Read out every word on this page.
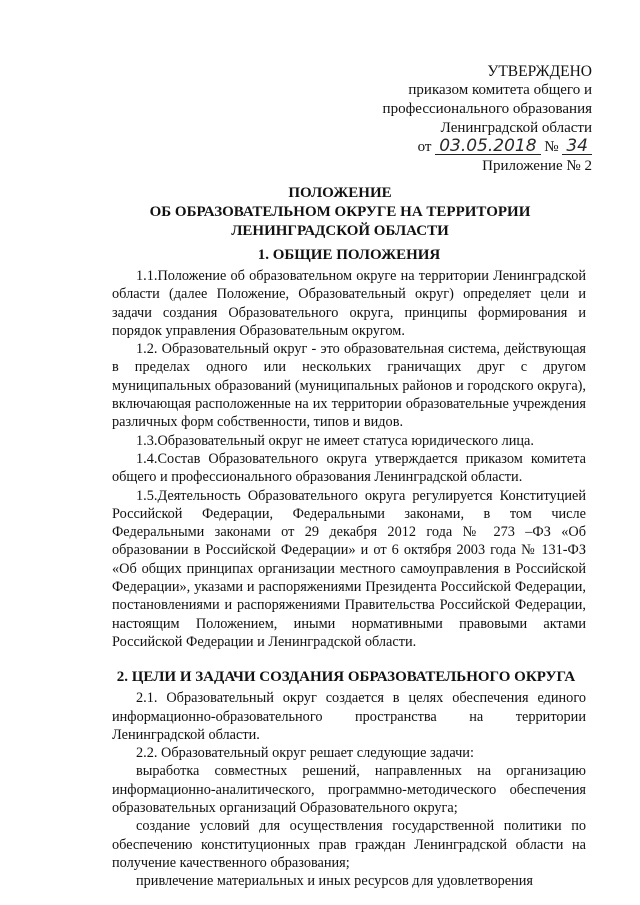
УТВЕРЖДЕНО
приказом комитета общего и
профессионального образования
Ленинградской области
от 03.05.2018 № 34
Приложение № 2
ПОЛОЖЕНИЕ
ОБ ОБРАЗОВАТЕЛЬНОМ ОКРУГЕ НА ТЕРРИТОРИИ
ЛЕНИНГРАДСКОЙ ОБЛАСТИ
1. ОБЩИЕ ПОЛОЖЕНИЯ

1.1.Положение об образовательном округе на территории Ленинградской области (далее Положение, Образовательный округ) определяет цели и задачи создания Образовательного округа, принципы формирования и порядок управления Образовательным округом.

1.2. Образовательный округ - это образовательная система, действующая в пределах одного или нескольких граничащих друг с другом муниципальных образований (муниципальных районов и городского округа), включающая расположенные на их территории образовательные учреждения различных форм собственности, типов и видов.

1.3.Образовательный округ не имеет статуса юридического лица.

1.4.Состав Образовательного округа утверждается приказом комитета общего и профессионального образования Ленинградской области.

1.5.Деятельность Образовательного округа регулируется Конституцией Российской Федерации, Федеральными законами, в том числе Федеральными законами от 29 декабря 2012 года № 273 –ФЗ «Об образовании в Российской Федерации» и от 6 октября 2003 года № 131-ФЗ «Об общих принципах организации местного самоуправления в Российской Федерации», указами и распоряжениями Президента Российской Федерации, постановлениями и распоряжениями Правительства Российской Федерации, настоящим Положением, иными нормативными правовыми актами Российской Федерации и Ленинградской области.

2. ЦЕЛИ И ЗАДАЧИ СОЗДАНИЯ ОБРАЗОВАТЕЛЬНОГО ОКРУГА

2.1. Образовательный округ создается в целях обеспечения единого информационно-образовательного пространства на территории Ленинградской области.

2.2. Образовательный округ решает следующие задачи:

выработка совместных решений, направленных на организацию информационно-аналитического, программно-методического обеспечения образовательных организаций Образовательного округа;

создание условий для осуществления государственной политики по обеспечению конституционных прав граждан Ленинградской области на получение качественного образования;

привлечение материальных и иных ресурсов для удовлетворения
